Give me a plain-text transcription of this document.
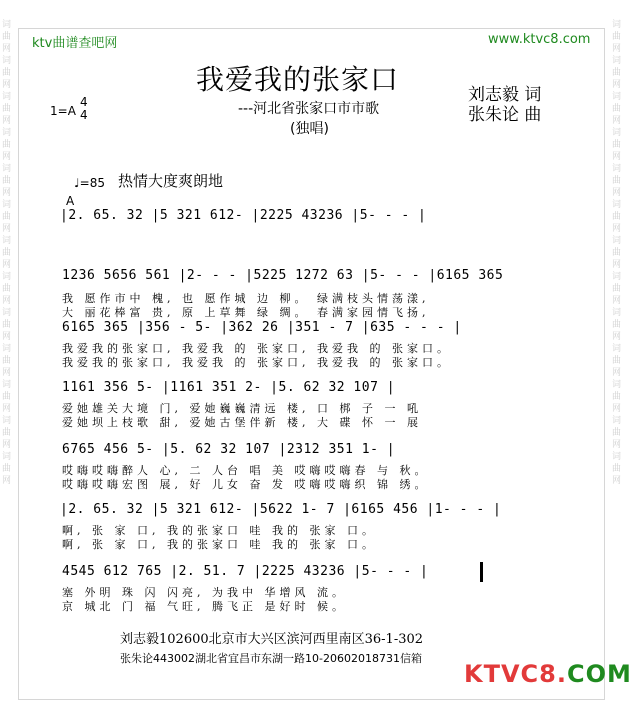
词
曲
网
词
曲
网
词
曲
网
词
曲
网
词
曲
网
词
曲
网
词
曲
网
词
曲
网
词
曲
网
词
曲
网
词
曲
网
词
曲
网
词
曲
网
词
曲
网
词
曲
网
词
曲
网
词
曲
网
词
曲
网
词
曲
网
词
曲
网
词
曲
网
词
曲
网
词
曲
网
词
曲
网
词
曲
网
词
曲
网
ktv曲谱查吧网	www.ktvc8.com
我爱我的张家口
---河北省张家口市市歌
(独唱)
刘志毅 词
张朱论 曲
1=A
4
4
♩=85 热情大度爽朗地
A
|2. 65. 32 |5 321 612- |2225 43236 |5- - - |
1236 5656 561 |2- - - |5225 1272 63 |5- - - |6165 365
我 愿作市中 槐, 也 愿作城 边 柳。 绿满枝头情荡漾,
大 丽花棒富 贵, 原 上草舞 绿 绸。 春满家园情飞扬,
6165 365 |356 - 5- |362 26 |351 - 7 |635 - - - |
我爱我的张家口, 我爱我 的 张家口, 我爱我 的 张家口。
我爱我的张家口, 我爱我 的 张家口, 我爱我 的 张家口。
1161 356 5- |1161 351 2- |5. 62 32 107 |
爱她雄关大境 门, 爱她巍巍清远 楼, 口 梆 子 一 吼
爱她坝上枝歌 甜, 爱她古堡伴新 楼, 大 碟 怀 一 展
6765 456 5- |5. 62 32 107 |2312 351 1- |
哎嗨哎嗨醉人 心, 二 人台 唱 美 哎嗨哎嗨春 与 秋。
哎嗨哎嗨宏图 展, 好 儿女 奋 发 哎嗨哎嗨织 锦 绣。
|2. 65. 32 |5 321 612- |5622 1- 7 |6165 456 |1- - - |
啊, 张 家 口, 我的张家口 哇 我的 张家 口。
啊, 张 家 口, 我的张家口 哇 我的 张家 口。
4545 612 765 |2. 51. 7 |2225 43236 |5- - - |
塞 外明 珠 闪 闪亮, 为我中 华增风 流。
京 城北 门 福 气旺, 腾飞正 是好时 候。
刘志毅102600北京市大兴区滨河西里南区36-1-302
张朱论443002湖北省宜昌市东湖一路10-20602018731信箱
KTVC8.COM
